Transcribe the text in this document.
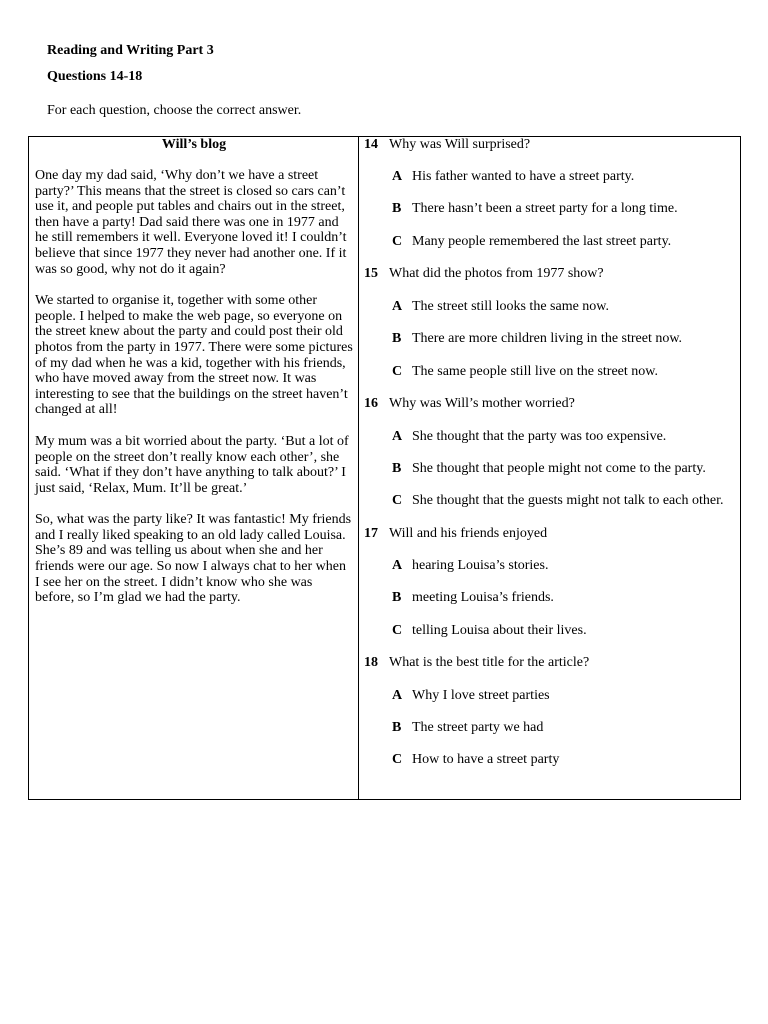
Reading and Writing Part 3
Questions 14-18
For each question, choose the correct answer.

Will’s blog

One day my dad said, ‘Why don’t we have a street party?’ This means that the street is closed so cars can’t use it, and people put tables and chairs out in the street, then have a party! Dad said there was one in 1977 and he still remembers it well. Everyone loved it! I couldn’t believe that since 1977 they never had another one. If it was so good, why not do it again?

We started to organise it, together with some other people. I helped to make the web page, so everyone on the street knew about the party and could post their old photos from the party in 1977. There were some pictures of my dad when he was a kid, together with his friends, who have moved away from the street now. It was interesting to see that the buildings on the street haven’t changed at all!

My mum was a bit worried about the party. ‘But a lot of people on the street don’t really know each other’, she said. ‘What if they don’t have anything to talk about?’ I just said, ‘Relax, Mum. It’ll be great.’

So, what was the party like? It was fantastic! My friends and I really liked speaking to an old lady called Louisa. She’s 89 and was telling us about when she and her friends were our age. So now I always chat to her when I see her on the street. I didn’t know who she was before, so I’m glad we had the party.

14 Why was Will surprised?
A His father wanted to have a street party.
B There hasn’t been a street party for a long time.
C Many people remembered the last street party.
15 What did the photos from 1977 show?
A The street still looks the same now.
B There are more children living in the street now.
C The same people still live on the street now.
16 Why was Will’s mother worried?
A She thought that the party was too expensive.
B She thought that people might not come to the party.
C She thought that the guests might not talk to each other.
17 Will and his friends enjoyed
A hearing Louisa’s stories.
B meeting Louisa’s friends.
C telling Louisa about their lives.
18 What is the best title for the article?
A Why I love street parties
B The street party we had
C How to have a street party
